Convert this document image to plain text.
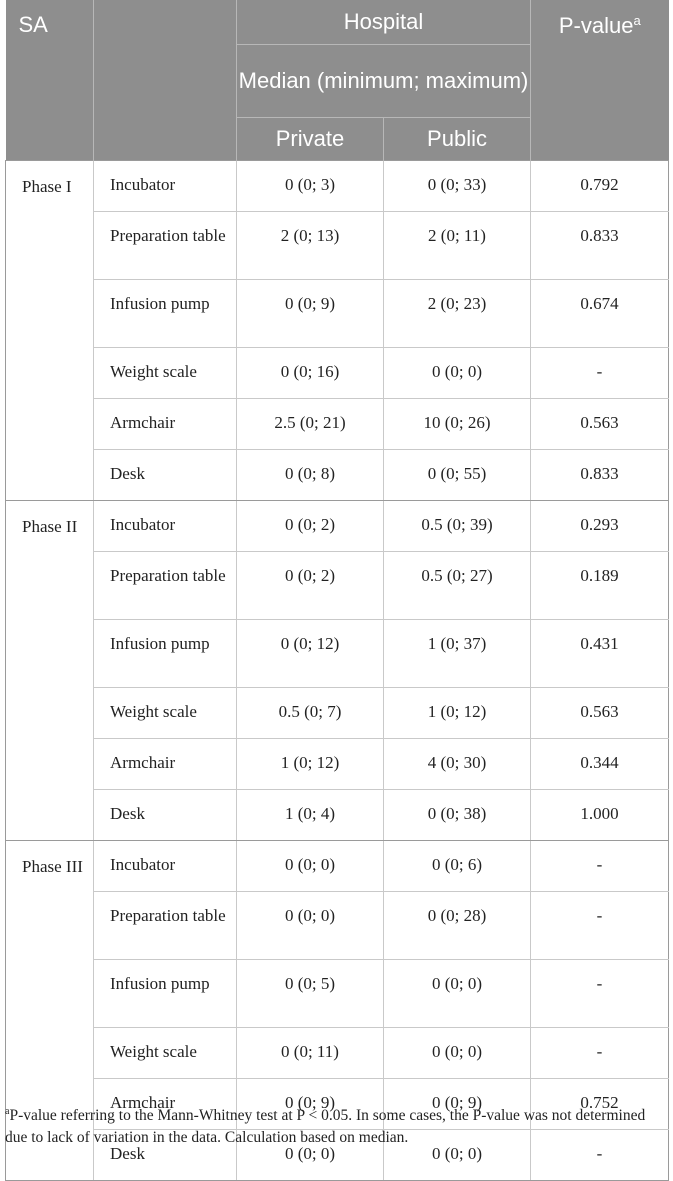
SA		Hospital		P-value$^a$
		Median (minimum; maximum)		
		Private	Public	
Phase I	Incubator	0 (0; 3)	0 (0; 33)	0.792
	Preparation table	2 (0; 13)	2 (0; 11)	0.833
	Infusion pump	0 (0; 9)	2 (0; 23)	0.674
	Weight scale	0 (0; 16)	0 (0; 0)	-
	Armchair	2.5 (0; 21)	10 (0; 26)	0.563
	Desk	0 (0; 8)	0 (0; 55)	0.833
Phase II	Incubator	0 (0; 2)	0.5 (0; 39)	0.293
	Preparation table	0 (0; 2)	0.5 (0; 27)	0.189
	Infusion pump	0 (0; 12)	1 (0; 37)	0.431
	Weight scale	0.5 (0; 7)	1 (0; 12)	0.563
	Armchair	1 (0; 12)	4 (0; 30)	0.344
	Desk	1 (0; 4)	0 (0; 38)	1.000
Phase III	Incubator	0 (0; 0)	0 (0; 6)	-
	Preparation table	0 (0; 0)	0 (0; 28)	-
	Infusion pump	0 (0; 5)	0 (0; 0)	-
	Weight scale	0 (0; 11)	0 (0; 0)	-
	Armchair	0 (0; 9)	0 (0; 9)	0.752
	Desk	0 (0; 0)	0 (0; 0)	-
$^a$P-value referring to the Mann-Whitney test at P < 0.05. In some cases, the P-value was not determined due to lack of variation in the data. Calculation based on median.
